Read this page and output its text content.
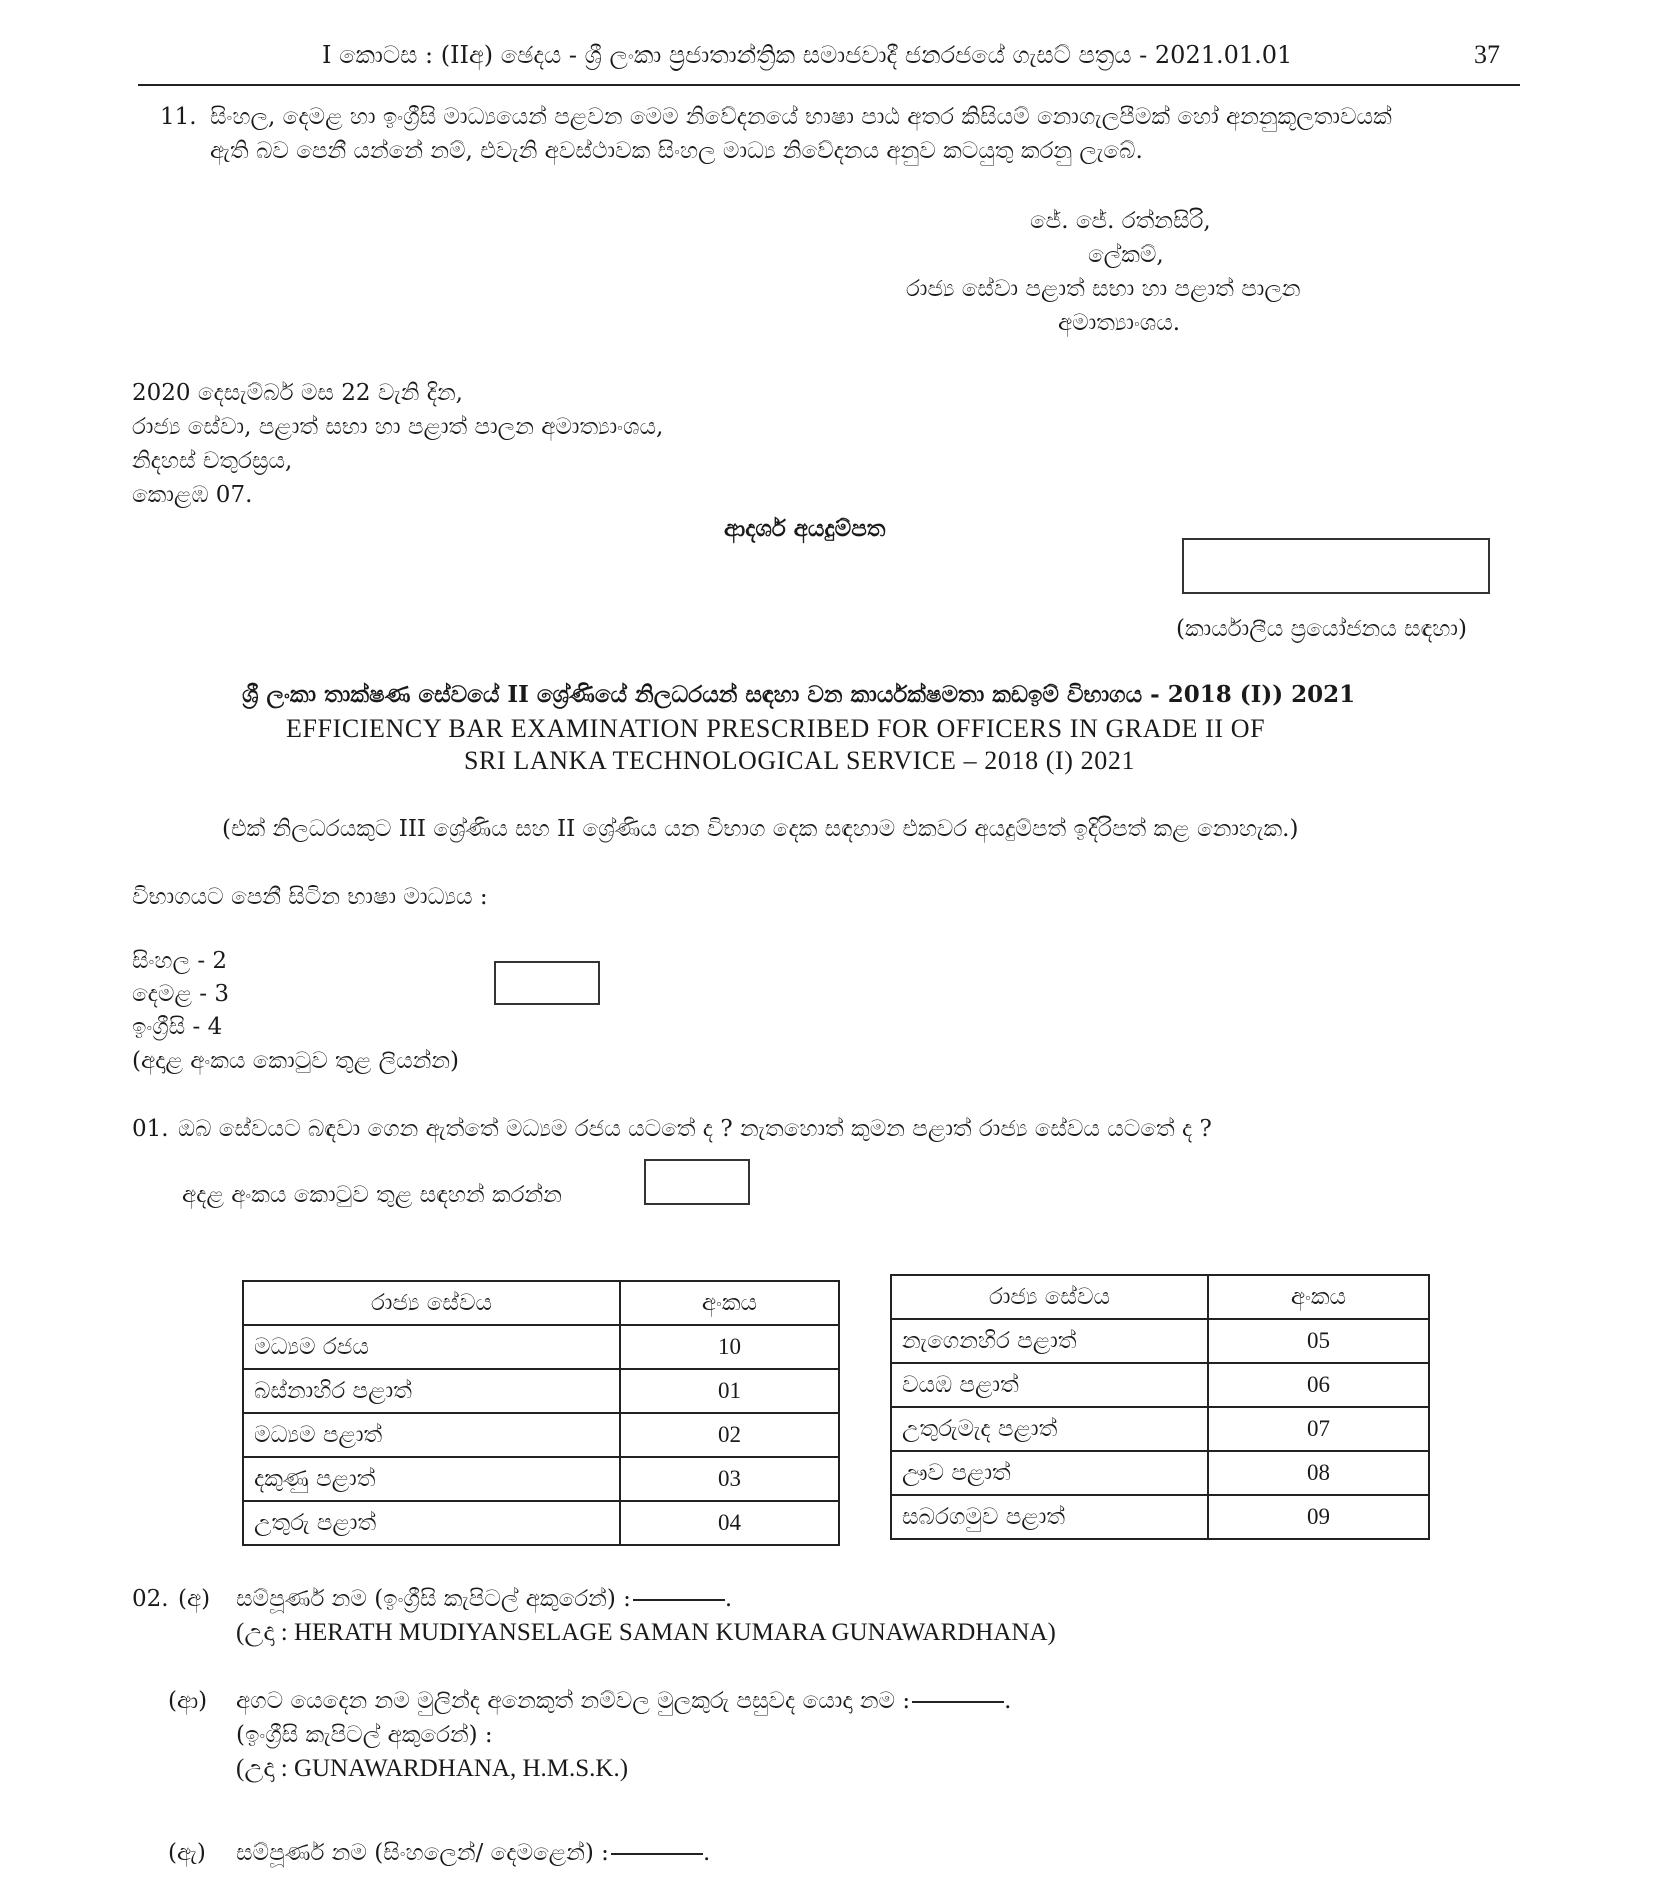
I කොටස : (IIඅ) ඡෙදය - ශ්‍රී ලංකා ප්‍රජාතාන්ත්‍රික සමාජවාදී ජනරජයේ ගැසට් පත්‍රය - 2021.01.01	37
11. සිංහල, දෙමළ හා ඉංග්‍රීසි මාධ්‍යයෙන් පළවන මෙම නිවේදනයේ භාෂා පාඨ අතර කිසියම් නොගැලපීමක් හෝ අනනුකූලතාවයක්
ඇති බව පෙනී යන්නේ නම්, එවැනි අවස්ථාවක සිංහල මාධ්‍ය නිවේදනය අනුව කටයුතු කරනු ලැබේ.
ජේ. ජේ. රත්නසිරි,
ලේකම්,
රාජ්‍ය සේවා පළාත් සභා හා පළාත් පාලන
අමාත්‍යාංශය.
2020 දෙසැම්බර් මස 22 වැනි දින,
රාජ්‍ය සේවා, පළාත් සභා හා පළාත් පාලන අමාත්‍යාංශය,
නිදහස් චතුරස්‍රය,
කොළඹ 07.
ආදර්ශ අයදුම්පත
(කාර්යාලීය ප්‍රයෝජනය සඳහා)
ශ්‍රී ලංකා තාක්ෂණ සේවයේ II ශ්‍රේණියේ නිලධරයන් සඳහා වන කාර්යක්ෂමතා කඩඉම් විභාගය - 2018 (I)) 2021
EFFICIENCY BAR EXAMINATION PRESCRIBED FOR OFFICERS IN GRADE II OF
SRI LANKA TECHNOLOGICAL SERVICE – 2018 (I) 2021
(එක් නිලධරයකුට III ශ්‍රේණිය සහ II ශ්‍රේණිය යන විභාග දෙක සඳහාම එකවර අයදුම්පත් ඉදිරිපත් කළ නොහැක.)
විභාගයට පෙනී සිටින භාෂා මාධ්‍යය :
සිංහල - 2
දෙමළ - 3
ඉංග්‍රීසි - 4
(අදාළ අංකය කොටුව තුළ ලියන්න)
01. ඔබ සේවයට බඳවා ගෙන ඇත්තේ මධ්‍යම රජය යටතේ ද ? නැතහොත් කුමන පළාත් රාජ්‍ය සේවය යටතේ ද ?
අදළ අංකය කොටුව තුළ සඳහන් කරන්න
රාජ්‍ය සේවය	අංකය
මධ්‍යම රජය	10
බස්නාහිර පළාත්	01
මධ්‍යම පළාත්	02
දකුණු පළාත්	03
උතුරු පළාත්	04
රාජ්‍ය සේවය	අංකය
නැගෙනහිර පළාත්	05
වයඹ පළාත්	06
උතුරුමැද පළාත්	07
ඌව පළාත්	08
සබරගමුව පළාත්	09
02. (අ) සම්පූර්ණ නම (ඉංග්‍රීසි කැපිටල් අකුරෙන්) :	.
(උදා : HERATH MUDIYANSELAGE SAMAN KUMARA GUNAWARDHANA)
(ආ) අගට යෙදෙන නම මුලින්ද අනෙකුත් නම්වල මුලකුරු පසුවද යොදා නම :	.
(ඉංග්‍රීසි කැපිටල් අකුරෙන්) :
(උදා : GUNAWARDHANA, H.M.S.K.)
(ඇ) සම්පූර්ණ නම (සිංහලෙන්/ දෙමළෙන්) :	.
